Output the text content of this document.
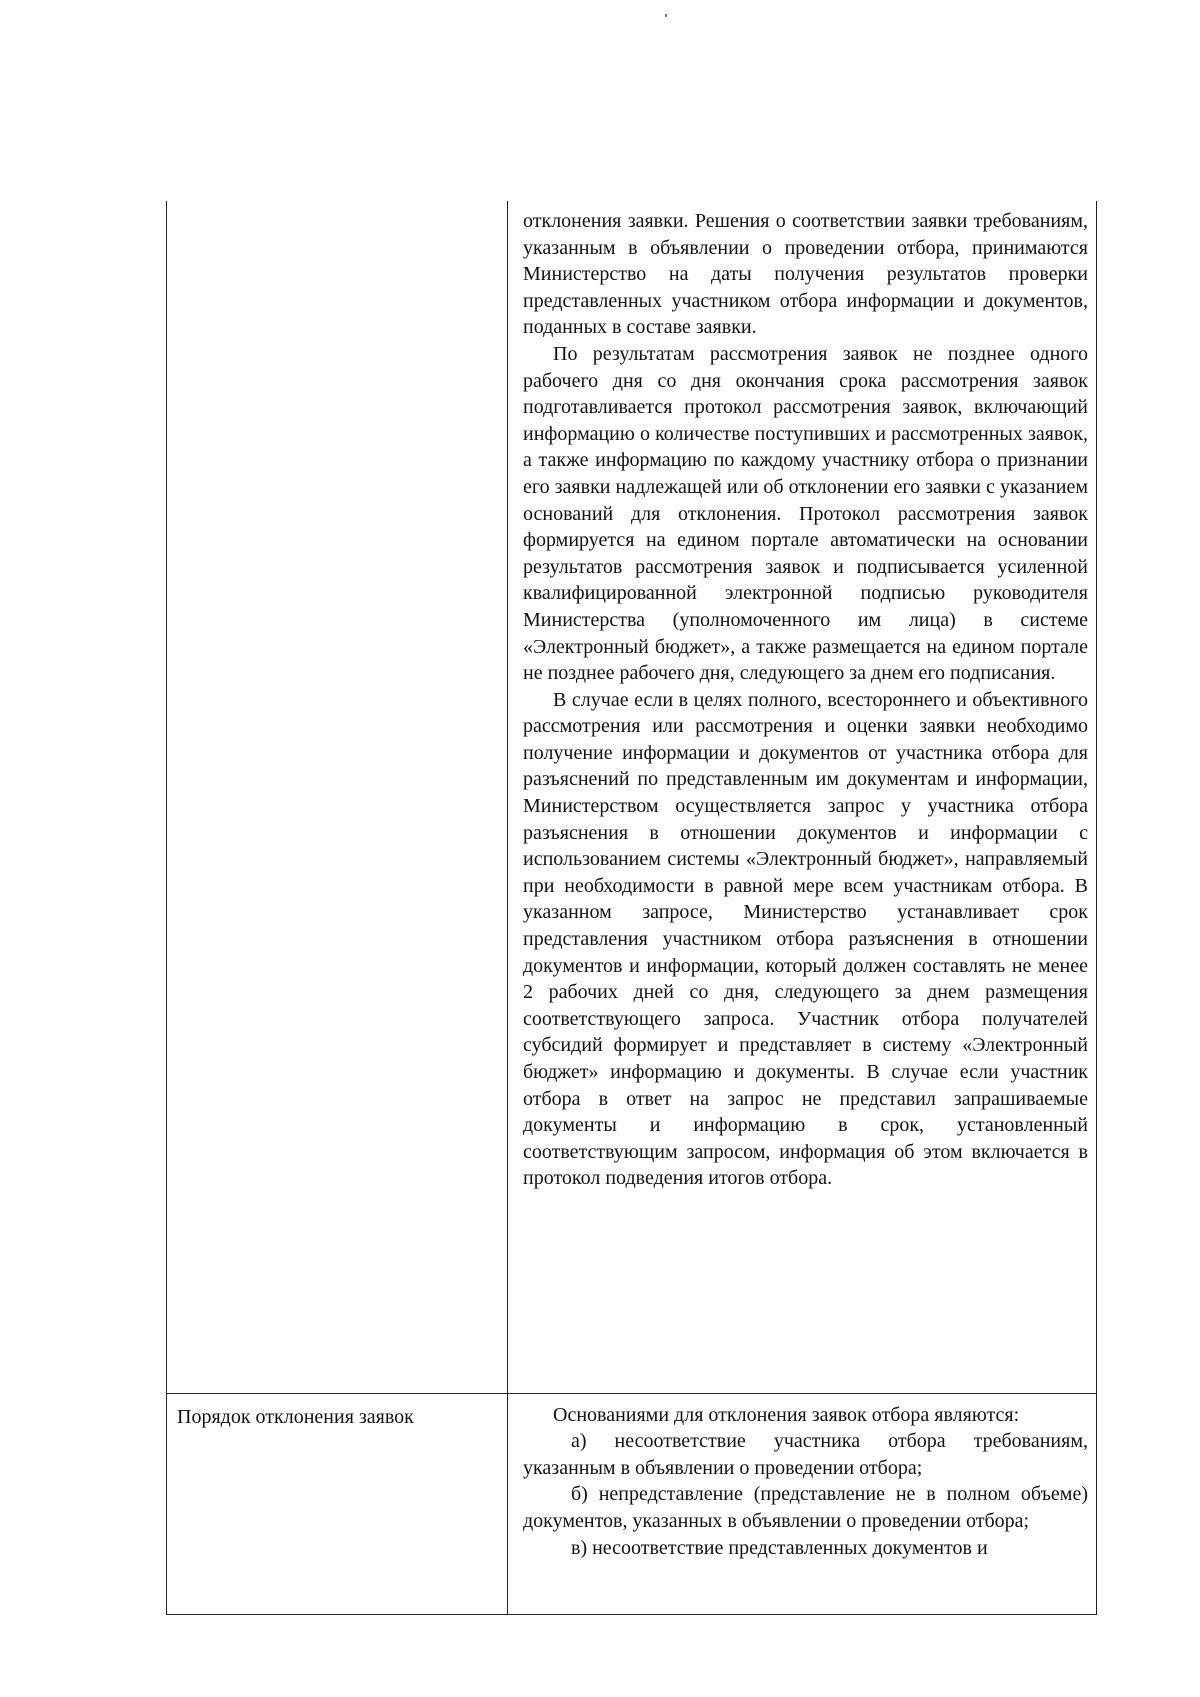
	отклонения заявки. Решения о соответствии заявки требованиям, указанным в объявлении о проведении отбора, принимаются Министерство на даты получения результатов проверки представленных участником отбора информации и документов, поданных в составе заявки.

По результатам рассмотрения заявок не позднее одного рабочего дня со дня окончания срока рассмотрения заявок подготавливается протокол рассмотрения заявок, включающий информацию о количестве поступивших и рассмотренных заявок, а также информацию по каждому участнику отбора о признании его заявки надлежащей или об отклонении его заявки с указанием оснований для отклонения. Протокол рассмотрения заявок формируется на едином портале автоматически на основании результатов рассмотрения заявок и подписывается усиленной квалифицированной электронной подписью руководителя Министерства (уполномоченного им лица) в системе «Электронный бюджет», а также размещается на едином портале не позднее рабочего дня, следующего за днем его подписания.

В случае если в целях полного, всестороннего и объективного рассмотрения или рассмотрения и оценки заявки необходимо получение информации и документов от участника отбора для разъяснений по представленным им документам и информации, Министерством осуществляется запрос у участника отбора разъяснения в отношении документов и информации с использованием системы «Электронный бюджет», направляемый при необходимости в равной мере всем участникам отбора. В указанном запросе, Министерство устанавливает срок представления участником отбора разъяснения в отношении документов и информации, который должен составлять не менее 2 рабочих дней со дня, следующего за днем размещения соответствующего запроса. Участник отбора получателей субсидий формирует и представляет в систему «Электронный бюджет» информацию и документы. В случае если участник отбора в ответ на запрос не представил запрашиваемые документы и информацию в срок, установленный соответствующим запросом, информация об этом включается в протокол подведения итогов отбора.

Порядок отклонения заявок	Основаниями для отклонения заявок отбора являются:

а) несоответствие участника отбора требованиям, указанным в объявлении о проведении отбора;

б) непредставление (представление не в полном объеме) документов, указанных в объявлении о проведении отбора;

в) несоответствие представленных документов и
